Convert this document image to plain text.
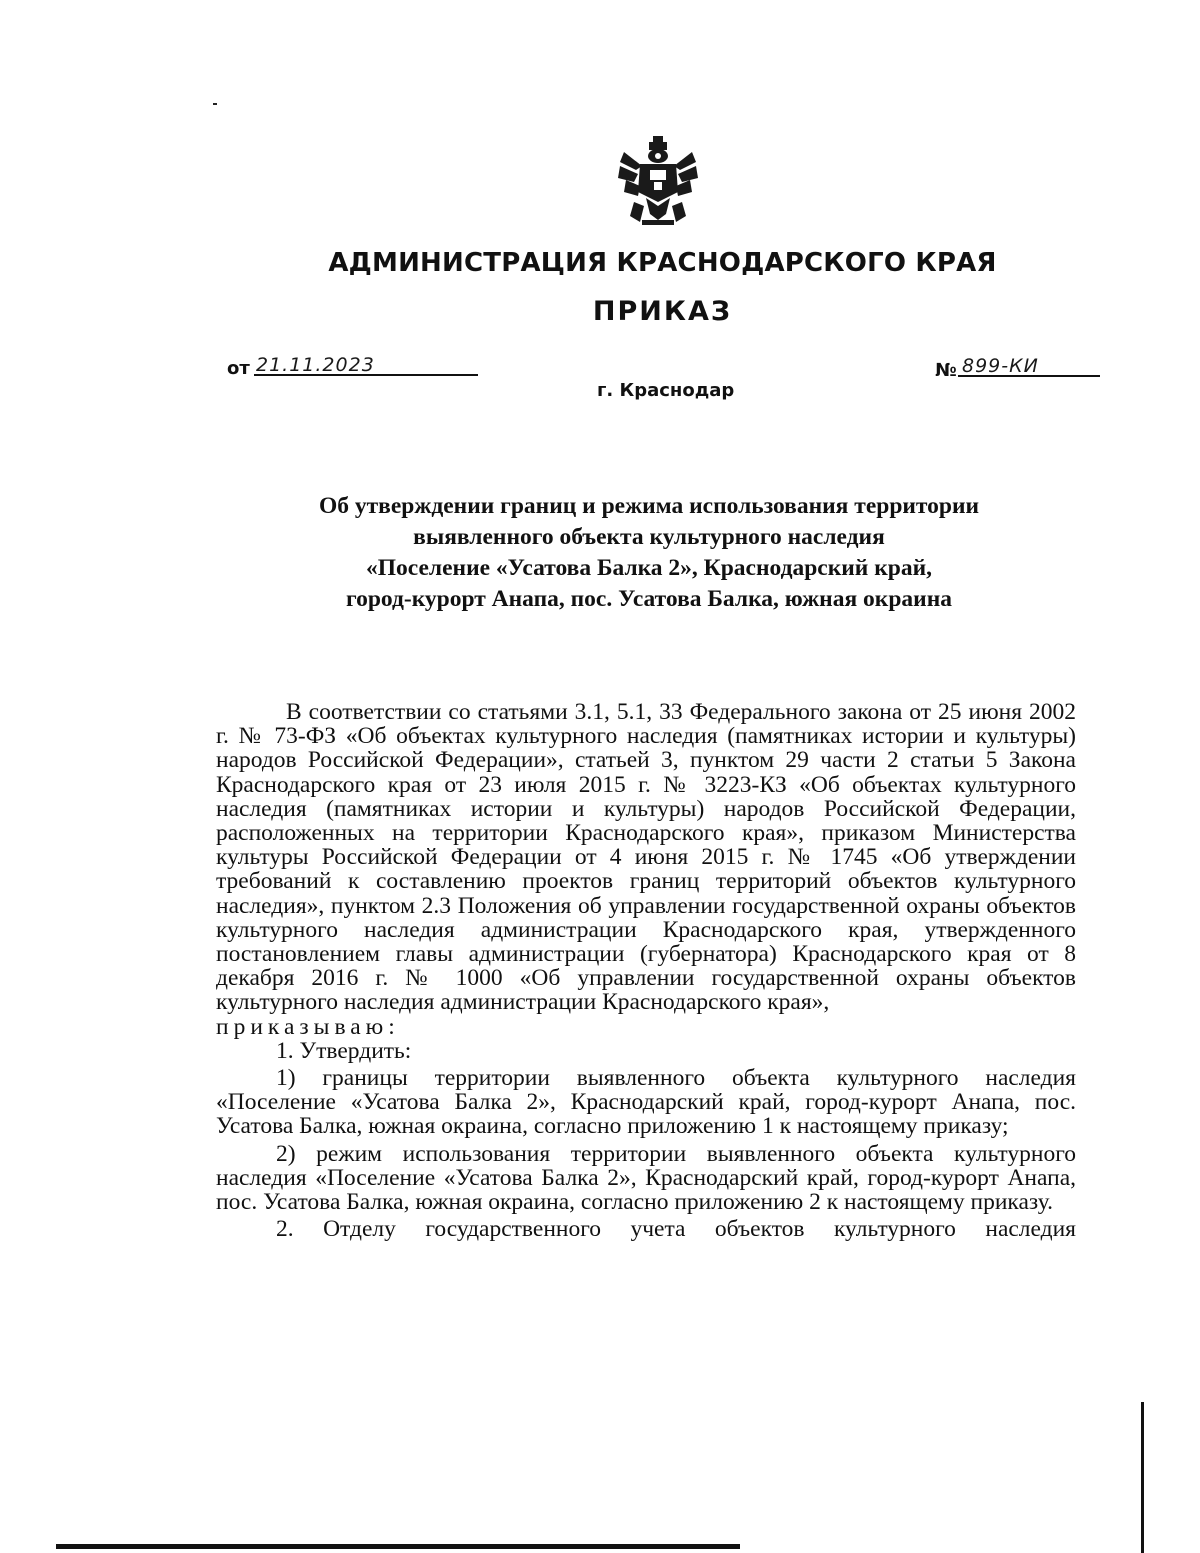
АДМИНИСТРАЦИЯ КРАСНОДАРСКОГО КРАЯ
ПРИКАЗ
от 21.11.2023	№ 899-КИ
г. Краснодар
Об утверждении границ и режима использования территории
выявленного объекта культурного наследия
«Поселение «Усатова Балка 2», Краснодарский край,
город-курорт Анапа, пос. Усатова Балка, южная окраина

В соответствии со статьями 3.1, 5.1, 33 Федерального закона от 25 июня 2002 г. № 73-ФЗ «Об объектах культурного наследия (памятниках истории и культуры) народов Российской Федерации», статьей 3, пунктом 29 части 2 статьи 5 Закона Краснодарского края от 23 июля 2015 г. № 3223-КЗ «Об объектах культурного наследия (памятниках истории и культуры) народов Российской Федерации, расположенных на территории Краснодарского края», приказом Министерства культуры Российской Федерации от 4 июня 2015 г. № 1745 «Об утверждении требований к составлению проектов границ территорий объектов культурного наследия», пунктом 2.3 Положения об управлении государственной охраны объектов культурного наследия администрации Краснодарского края, утвержденного постановлением главы администрации (губернатора) Краснодарского края от 8 декабря 2016 г. № 1000 «Об управлении государственной охраны объектов культурного наследия администрации Краснодарского края»,

приказываю:

1. Утвердить:

1) границы территории выявленного объекта культурного наследия «Поселение «Усатова Балка 2», Краснодарский край, город-курорт Анапа, пос. Усатова Балка, южная окраина, согласно приложению 1 к настоящему приказу;

2) режим использования территории выявленного объекта культурного наследия «Поселение «Усатова Балка 2», Краснодарский край, город-курорт Анапа, пос. Усатова Балка, южная окраина, согласно приложению 2 к настоящему приказу.

2. Отделу государственного учета объектов культурного наследия
